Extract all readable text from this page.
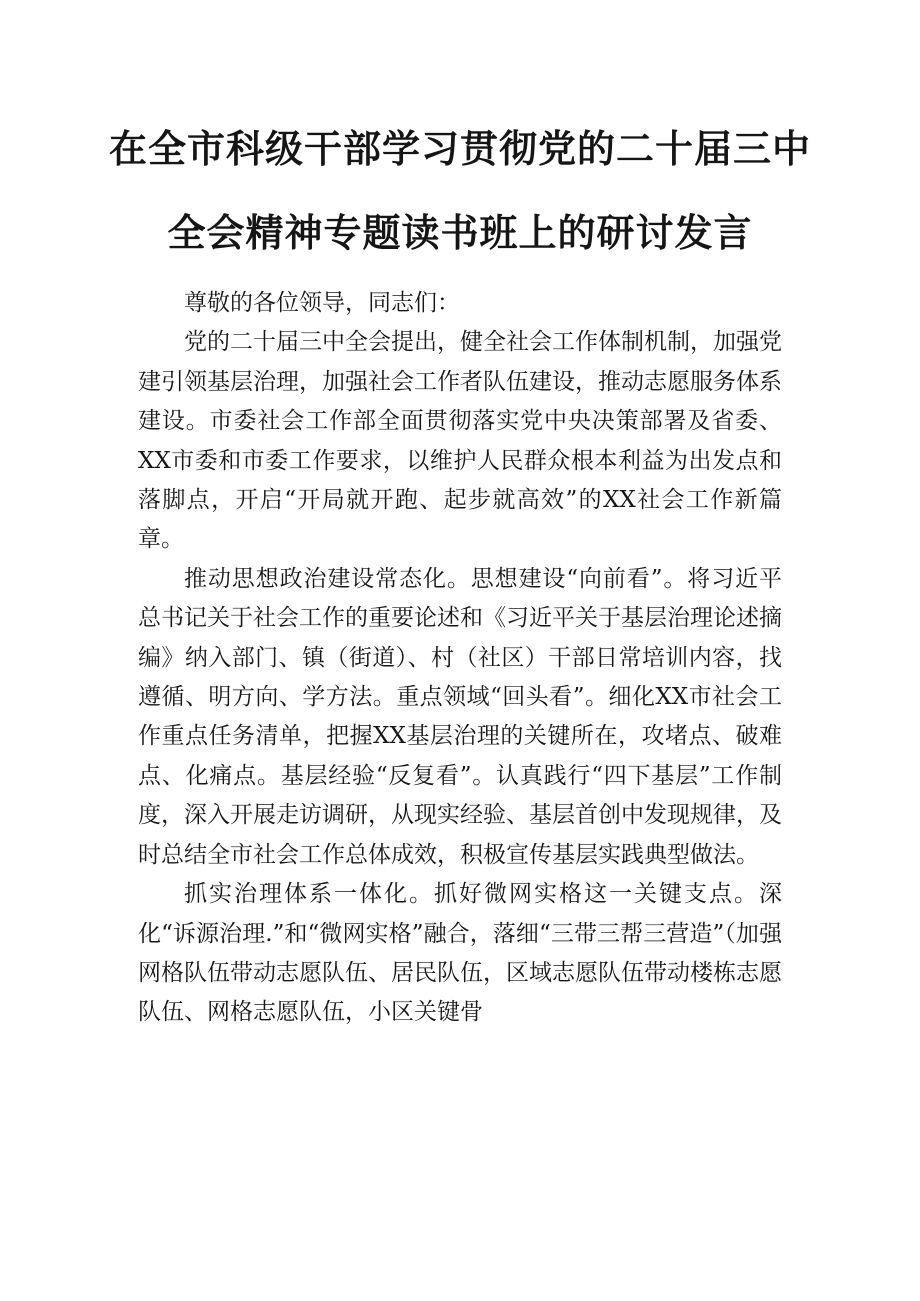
在全市科级干部学习贯彻党的二十届三中
全会精神专题读书班上的研讨发言

尊敬的各位领导，同志们：

党的二十届三中全会提出，健全社会工作体制机制，加强党建引领基层治理，加强社会工作者队伍建设，推动志愿服务体系建设。市委社会工作部全面贯彻落实党中央决策部署及省委、XX市委和市委工作要求，以维护人民群众根本利益为出发点和落脚点，开启“开局就开跑、起步就高效”的XX社会工作新篇章。

推动思想政治建设常态化。思想建设“向前看”。将习近平总书记关于社会工作的重要论述和《习近平关于基层治理论述摘编》纳入部门、镇（街道）、村（社区）干部日常培训内容，找遵循、明方向、学方法。重点领域“回头看”。细化XX市社会工作重点任务清单，把握XX基层治理的关键所在，攻堵点、破难点、化痛点。基层经验“反复看”。认真践行“四下基层”工作制度，深入开展走访调研，从现实经验、基层首创中发现规律，及时总结全市社会工作总体成效，积极宣传基层实践典型做法。

抓实治理体系一体化。抓好微网实格这一关键支点。深化“诉源治理.”和“微网实格”融合，落细“三带三帮三营造”（加强网格队伍带动志愿队伍、居民队伍，区域志愿队伍带动楼栋志愿队伍、网格志愿队伍，小区关键骨
